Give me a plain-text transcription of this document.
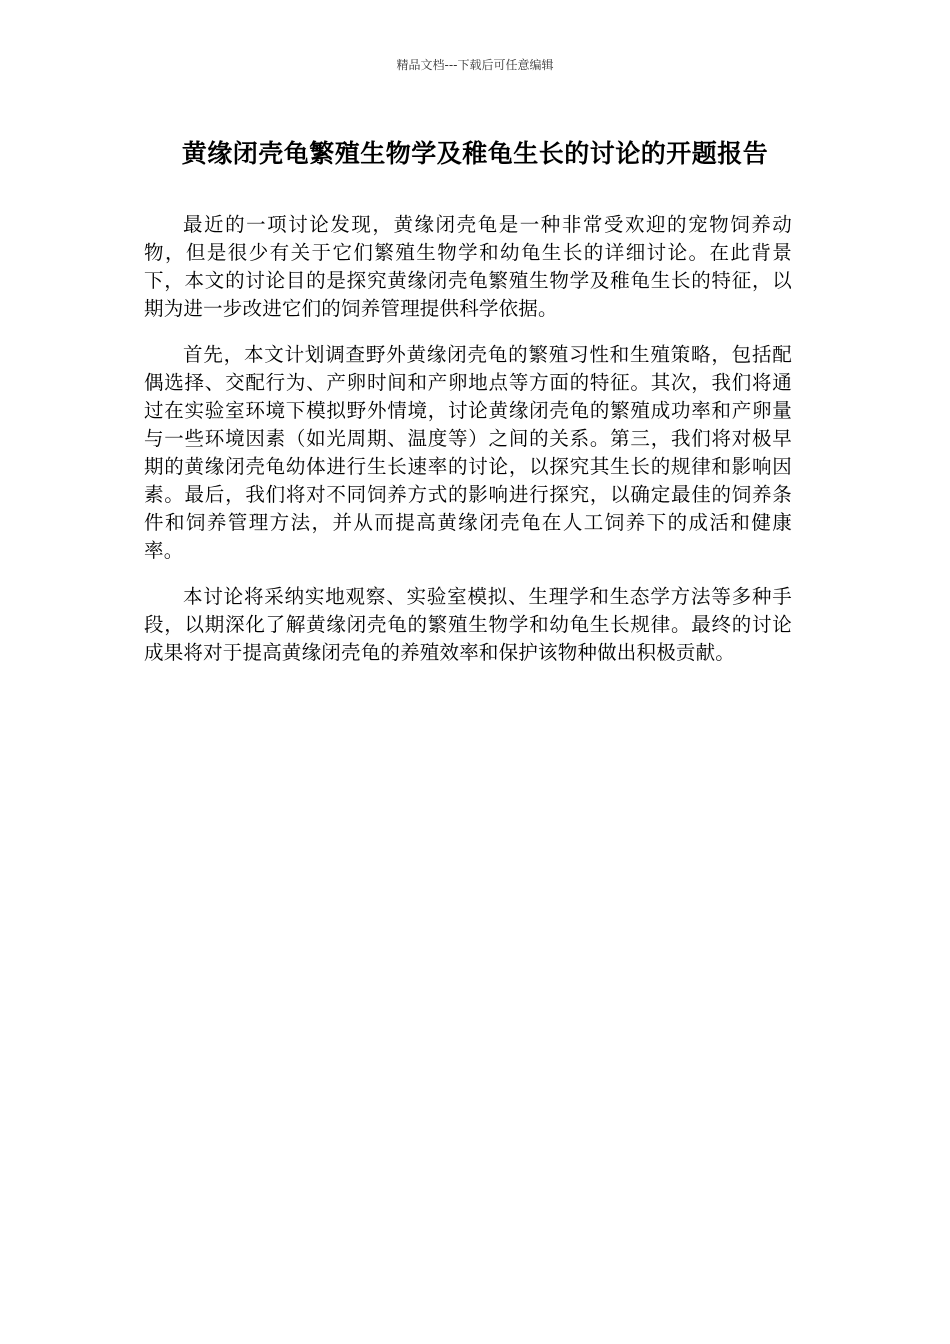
精品文档---下载后可任意编辑
黄缘闭壳龟繁殖生物学及稚龟生长的讨论的开题报告

最近的一项讨论发现，黄缘闭壳龟是一种非常受欢迎的宠物饲养动物，但是很少有关于它们繁殖生物学和幼龟生长的详细讨论。在此背景下，本文的讨论目的是探究黄缘闭壳龟繁殖生物学及稚龟生长的特征，以期为进一步改进它们的饲养管理提供科学依据。

首先，本文计划调查野外黄缘闭壳龟的繁殖习性和生殖策略，包括配偶选择、交配行为、产卵时间和产卵地点等方面的特征。其次，我们将通过在实验室环境下模拟野外情境，讨论黄缘闭壳龟的繁殖成功率和产卵量与一些环境因素（如光周期、温度等）之间的关系。第三，我们将对极早期的黄缘闭壳龟幼体进行生长速率的讨论，以探究其生长的规律和影响因素。最后，我们将对不同饲养方式的影响进行探究，以确定最佳的饲养条件和饲养管理方法，并从而提高黄缘闭壳龟在人工饲养下的成活和健康率。

本讨论将采纳实地观察、实验室模拟、生理学和生态学方法等多种手段，以期深化了解黄缘闭壳龟的繁殖生物学和幼龟生长规律。最终的讨论成果将对于提高黄缘闭壳龟的养殖效率和保护该物种做出积极贡献。
